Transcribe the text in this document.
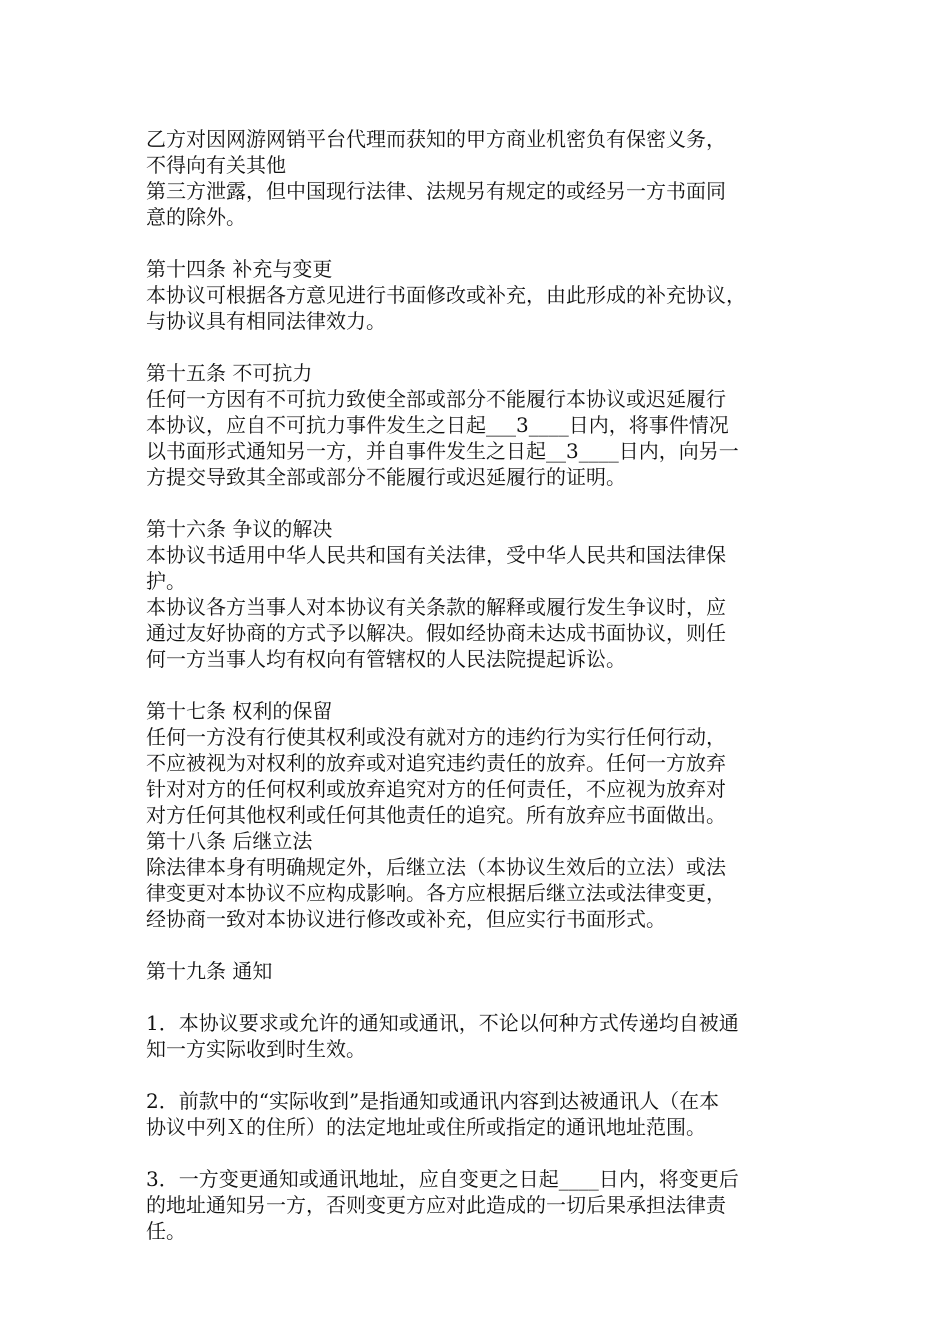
乙方对因网游网销平台代理而获知的甲方商业机密负有保密义务，
不得向有关其他
第三方泄露，但中国现行法律、法规另有规定的或经另一方书面同
意的除外。
第十四条 补充与变更
本协议可根据各方意见进行书面修改或补充，由此形成的补充协议，
与协议具有相同法律效力。
第十五条 不可抗力
任何一方因有不可抗力致使全部或部分不能履行本协议或迟延履行
本协议，应自不可抗力事件发生之日起___3____日内，将事件情况
以书面形式通知另一方，并自事件发生之日起__3____日内，向另一
方提交导致其全部或部分不能履行或迟延履行的证明。
第十六条 争议的解决
本协议书适用中华人民共和国有关法律，受中华人民共和国法律保
护。
本协议各方当事人对本协议有关条款的解释或履行发生争议时，应
通过友好协商的方式予以解决。假如经协商未达成书面协议，则任
何一方当事人均有权向有管辖权的人民法院提起诉讼。
第十七条 权利的保留
任何一方没有行使其权利或没有就对方的违约行为实行任何行动，
不应被视为对权利的放弃或对追究违约责任的放弃。任何一方放弃
针对对方的任何权利或放弃追究对方的任何责任，不应视为放弃对
对方任何其他权利或任何其他责任的追究。所有放弃应书面做出。
第十八条 后继立法
除法律本身有明确规定外，后继立法（本协议生效后的立法）或法
律变更对本协议不应构成影响。各方应根据后继立法或法律变更，
经协商一致对本协议进行修改或补充，但应实行书面形式。
第十九条 通知
1．本协议要求或允许的通知或通讯，不论以何种方式传递均自被通
知一方实际收到时生效。
2．前款中的“实际收到”是指通知或通讯内容到达被通讯人（在本
协议中列Ｘ的住所）的法定地址或住所或指定的通讯地址范围。
3．一方变更通知或通讯地址，应自变更之日起____日内，将变更后
的地址通知另一方，否则变更方应对此造成的一切后果承担法律责
任。
